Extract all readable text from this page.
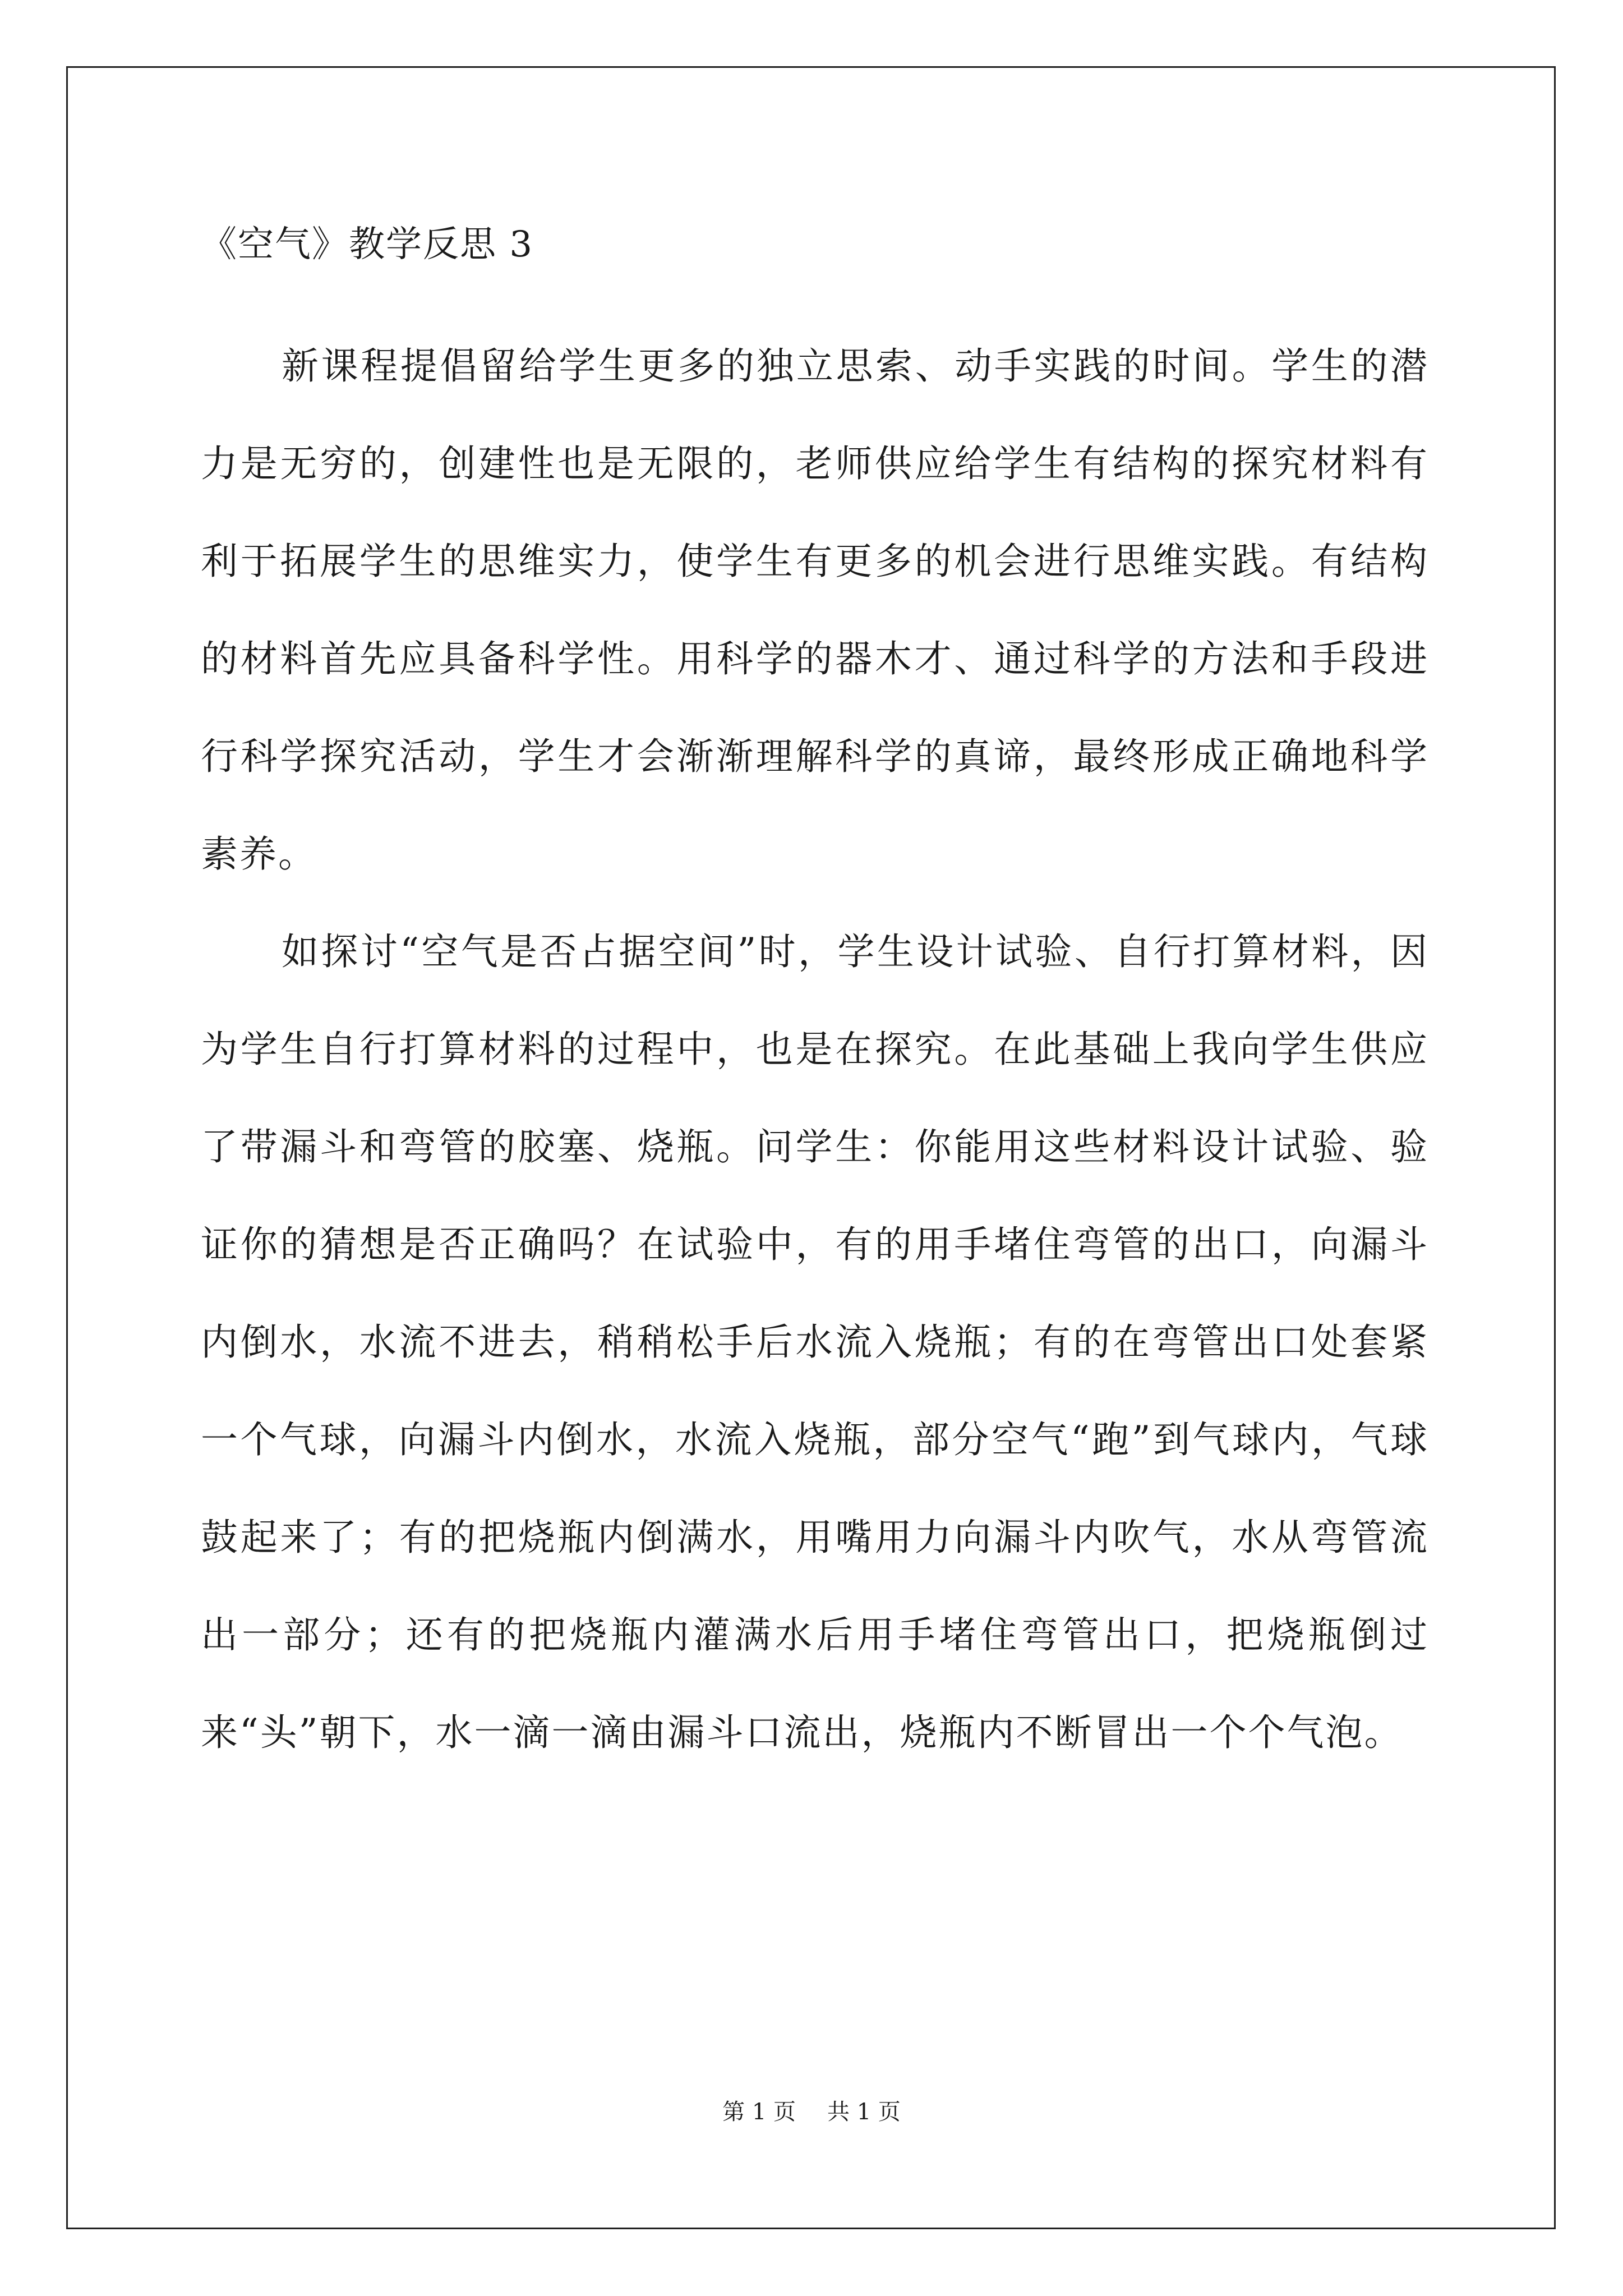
《空气》教学反思 3

新课程提倡留给学生更多的独立思索、动手实践的时间。学生的潜力是无穷的，创建性也是无限的，老师供应给学生有结构的探究材料有利于拓展学生的思维实力，使学生有更多的机会进行思维实践。有结构的材料首先应具备科学性。用科学的器木才、通过科学的方法和手段进行科学探究活动，学生才会渐渐理解科学的真谛，最终形成正确地科学素养。

如探讨“空气是否占据空间”时，学生设计试验、自行打算材料，因为学生自行打算材料的过程中，也是在探究。在此基础上我向学生供应了带漏斗和弯管的胶塞、烧瓶。问学生：你能用这些材料设计试验、验证你的猜想是否正确吗？在试验中，有的用手堵住弯管的出口，向漏斗内倒水，水流不进去，稍稍松手后水流入烧瓶；有的在弯管出口处套紧一个气球，向漏斗内倒水，水流入烧瓶，部分空气“跑”到气球内，气球鼓起来了；有的把烧瓶内倒满水，用嘴用力向漏斗内吹气，水从弯管流出一部分；还有的把烧瓶内灌满水后用手堵住弯管出口，把烧瓶倒过来“头”朝下，水一滴一滴由漏斗口流出，烧瓶内不断冒出一个个气泡。

第 1 页 共 1 页
